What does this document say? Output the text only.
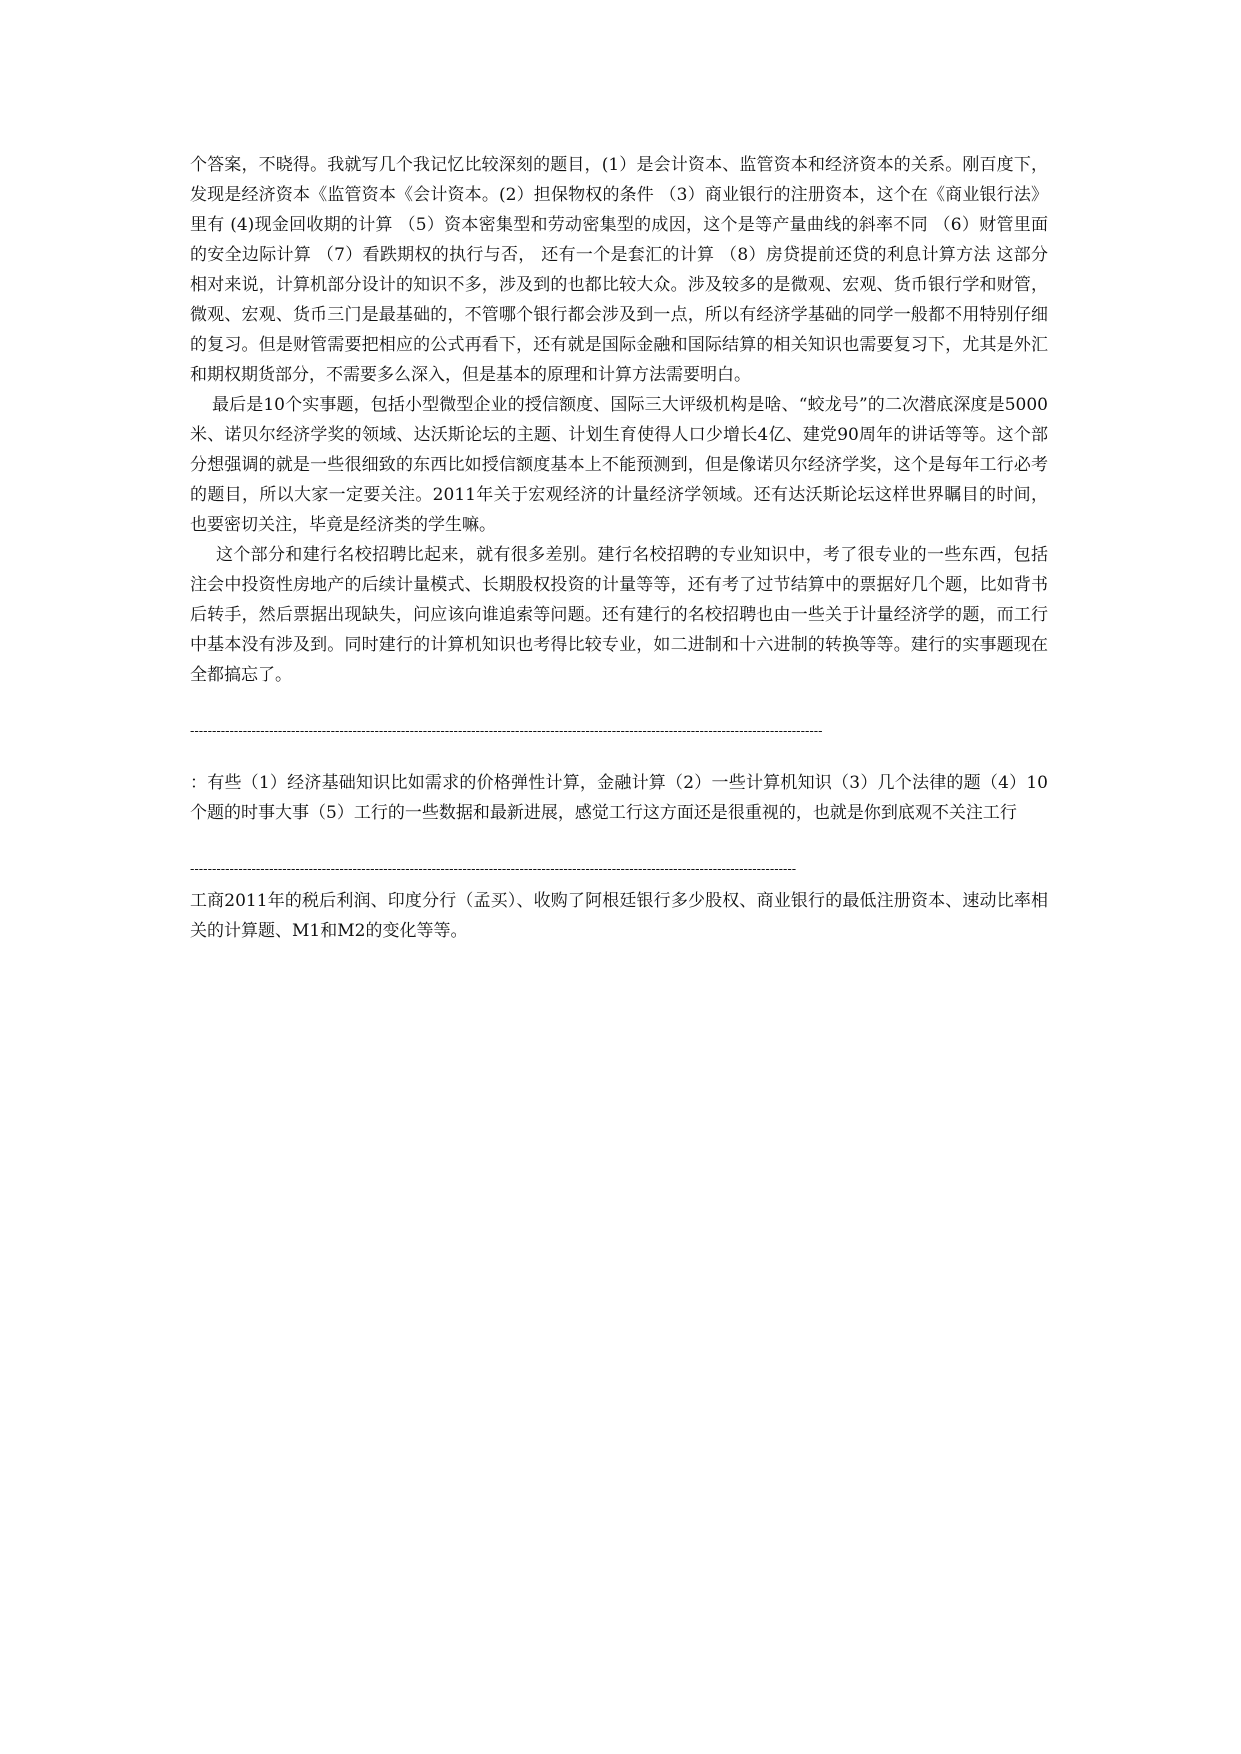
个答案，不晓得。我就写几个我记忆比较深刻的题目，(1）是会计资本、监管资本和经济资本的关系。刚百度下，发现是经济资本《监管资本《会计资本。(2）担保物权的条件 （3）商业银行的注册资本，这个在《商业银行法》里有 (4)现金回收期的计算 （5）资本密集型和劳动密集型的成因，这个是等产量曲线的斜率不同 （6）财管里面的安全边际计算 （7）看跌期权的执行与否， 还有一个是套汇的计算 （8）房贷提前还贷的利息计算方法 这部分相对来说，计算机部分设计的知识不多，涉及到的也都比较大众。涉及较多的是微观、宏观、货币银行学和财管，微观、宏观、货币三门是最基础的，不管哪个银行都会涉及到一点，所以有经济学基础的同学一般都不用特别仔细的复习。但是财管需要把相应的公式再看下，还有就是国际金融和国际结算的相关知识也需要复习下，尤其是外汇和期权期货部分，不需要多么深入，但是基本的原理和计算方法需要明白。

最后是10个实事题，包括小型微型企业的授信额度、国际三大评级机构是啥、“蛟龙号”的二次潜底深度是5000米、诺贝尔经济学奖的领域、达沃斯论坛的主题、计划生育使得人口少增长4亿、建党90周年的讲话等等。这个部分想强调的就是一些很细致的东西比如授信额度基本上不能预测到，但是像诺贝尔经济学奖，这个是每年工行必考的题目，所以大家一定要关注。2011年关于宏观经济的计量经济学领域。还有达沃斯论坛这样世界瞩目的时间，也要密切关注，毕竟是经济类的学生嘛。

这个部分和建行名校招聘比起来，就有很多差别。建行名校招聘的专业知识中，考了很专业的一些东西，包括注会中投资性房地产的后续计量模式、长期股权投资的计量等等，还有考了过节结算中的票据好几个题，比如背书后转手，然后票据出现缺失，问应该向谁追索等问题。还有建行的名校招聘也由一些关于计量经济学的题，而工行中基本没有涉及到。同时建行的计算机知识也考得比较专业，如二进制和十六进制的转换等等。建行的实事题现在全都搞忘了。

------------------------------------------------------------------------------------------------------------------------------------------------

：有些（1）经济基础知识比如需求的价格弹性计算，金融计算（2）一些计算机知识（3）几个法律的题（4）10个题的时事大事（5）工行的一些数据和最新进展，感觉工行这方面还是很重视的，也就是你到底观不关注工行

------------------------------------------------------------------------------------------------------------------------------------------

工商2011年的税后利润、印度分行（孟买）、收购了阿根廷银行多少股权、商业银行的最低注册资本、速动比率相关的计算题、M1和M2的变化等等。
